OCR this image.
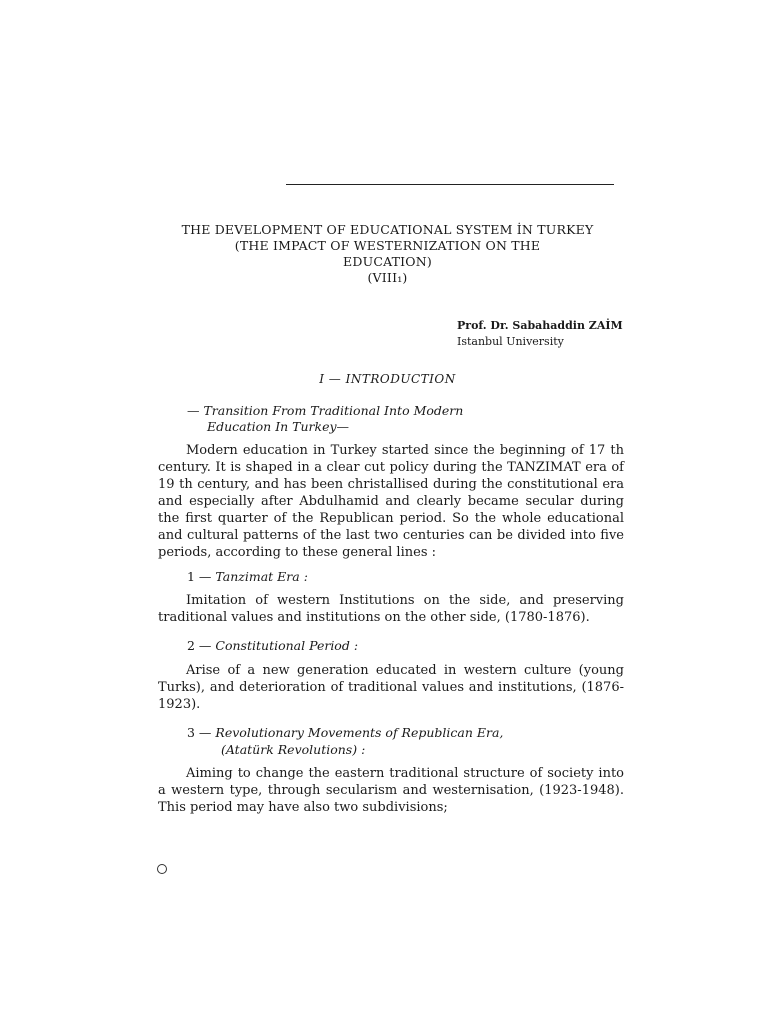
THE DEVELOPMENT OF EDUCATIONAL SYSTEM İN TURKEY
(THE IMPACT OF WESTERNIZATION ON THE
EDUCATION)
(VIII₁)
Prof. Dr. Sabahaddin ZAİM
Istanbul University
I — INTRODUCTION
— Transition From Traditional Into Modern
Education In Turkey—
Modern education in Turkey started since the beginning of 17 th century. It is shaped in a clear cut policy during the TANZIMAT era of 19 th century, and has been christallised during the constitutional era and especially after Abdulhamid and clearly became secular during the first quarter of the Republican period. So the whole educational and cultural patterns of the last two centuries can be divided into five periods, according to these general lines :
1 — Tanzimat Era :
Imitation of western Institutions on the side, and preserving traditional values and institutions on the other side, (1780-1876).
2 — Constitutional Period :
Arise of a new generation educated in western culture (young Turks), and deterioration of traditional values and institutions, (1876-1923).
3 — Revolutionary Movements of Republican Era,
(Atatürk Revolutions) :
Aiming to change the eastern traditional structure of society into a western type, through secularism and westernisation, (1923-1948). This period may have also two subdivisions;
